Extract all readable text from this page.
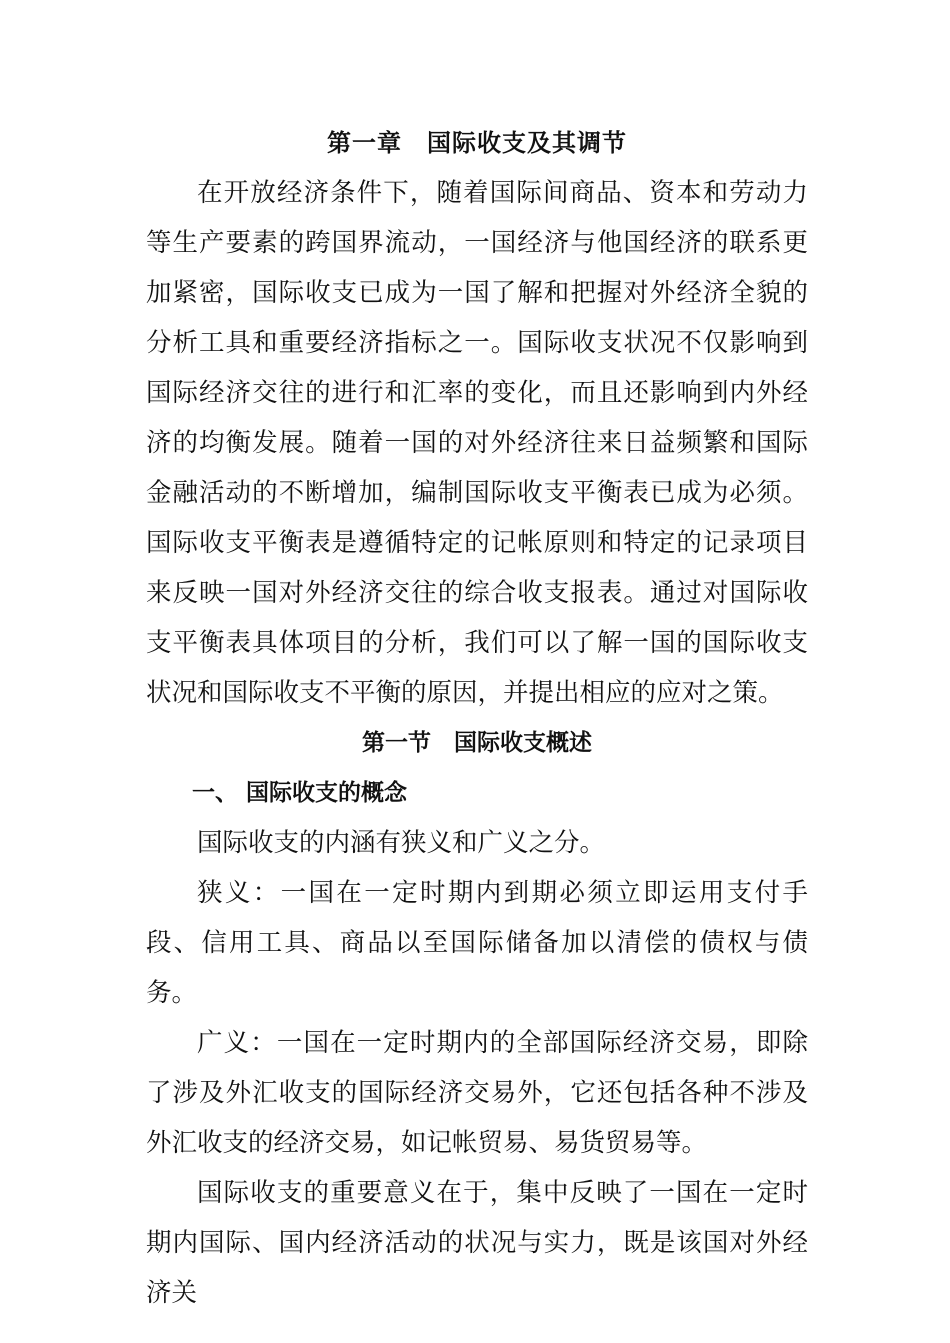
第一章　国际收支及其调节

在开放经济条件下，随着国际间商品、资本和劳动力等生产要素的跨国界流动，一国经济与他国经济的联系更加紧密，国际收支已成为一国了解和把握对外经济全貌的分析工具和重要经济指标之一。国际收支状况不仅影响到国际经济交往的进行和汇率的变化，而且还影响到内外经济的均衡发展。随着一国的对外经济往来日益频繁和国际金融活动的不断增加，编制国际收支平衡表已成为必须。国际收支平衡表是遵循特定的记帐原则和特定的记录项目来反映一国对外经济交往的综合收支报表。通过对国际收支平衡表具体项目的分析，我们可以了解一国的国际收支状况和国际收支不平衡的原因，并提出相应的应对之策。

第一节　国际收支概述
一、 国际收支的概念

国际收支的内涵有狭义和广义之分。

狭义：一国在一定时期内到期必须立即运用支付手段、信用工具、商品以至国际储备加以清偿的债权与债务。

广义：一国在一定时期内的全部国际经济交易，即除了涉及外汇收支的国际经济交易外，它还包括各种不涉及外汇收支的经济交易，如记帐贸易、易货贸易等。

国际收支的重要意义在于，集中反映了一国在一定时期内国际、国内经济活动的状况与实力，既是该国对外经济关
